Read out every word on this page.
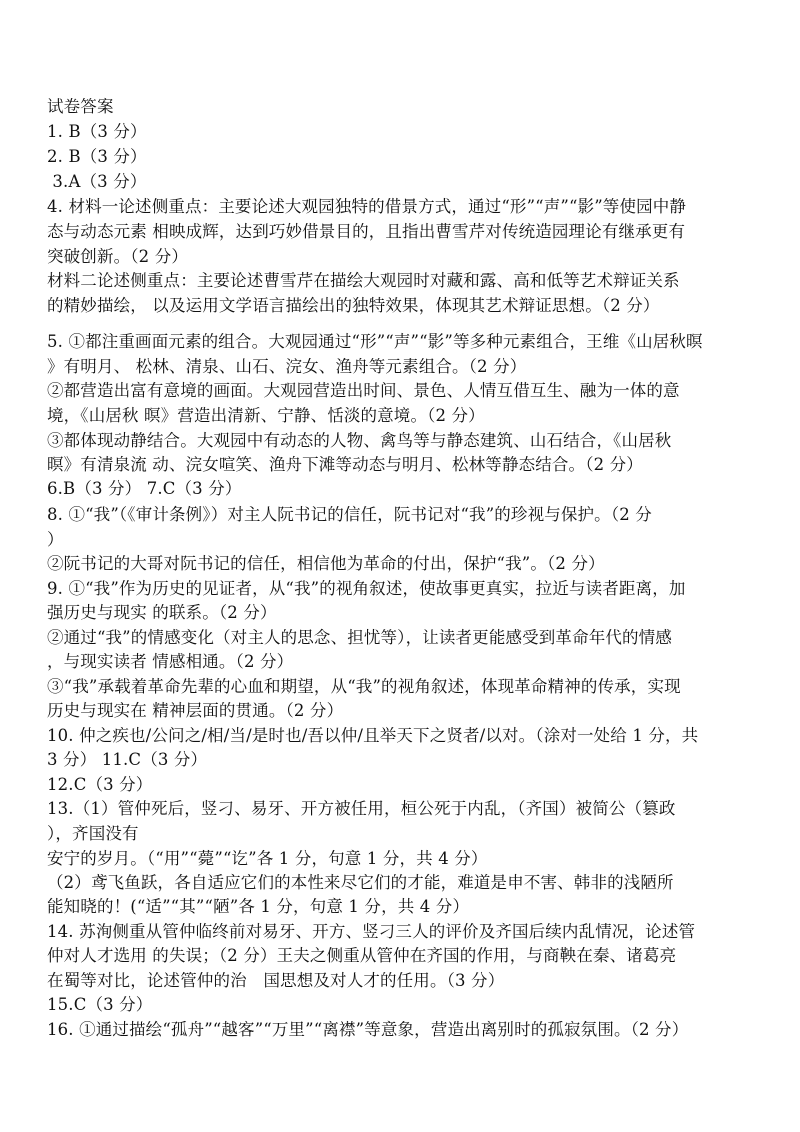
试卷答案

1. B（3 分）

2. B（3 分）

3.A（3 分）

4. 材料一论述侧重点：主要论述大观园独特的借景方式，通过“形”“声”“影”等使园中静

态与动态元素 相映成辉，达到巧妙借景目的，且指出曹雪芹对传统造园理论有继承更有

突破创新。（2 分）

材料二论述侧重点：主要论述曹雪芹在描绘大观园时对藏和露、高和低等艺术辩证关系

的精妙描绘， 以及运用文学语言描绘出的独特效果，体现其艺术辩证思想。（2 分）

5. ①都注重画面元素的组合。大观园通过“形”“声”“影”等多种元素组合，王维《山居秋暝

》有明月、 松林、清泉、山石、浣女、渔舟等元素组合。（2 分）

②都营造出富有意境的画面。大观园营造出时间、景色、人情互借互生、融为一体的意

境，《山居秋 暝》营造出清新、宁静、恬淡的意境。（2 分）

③都体现动静结合。大观园中有动态的人物、禽鸟等与静态建筑、山石结合，《山居秋

暝》有清泉流 动、浣女喧笑、渔舟下滩等动态与明月、松林等静态结合。（2 分）

6.B（3 分） 7.C（3 分）

8. ①“我”（《审计条例》）对主人阮书记的信任，阮书记对“我”的珍视与保护。（2 分

）

②阮书记的大哥对阮书记的信任，相信他为革命的付出，保护“我”。（2 分）

9. ①“我”作为历史的见证者，从“我”的视角叙述，使故事更真实，拉近与读者距离，加

强历史与现实 的联系。（2 分）

②通过“我”的情感变化（对主人的思念、担忧等），让读者更能感受到革命年代的情感

，与现实读者 情感相通。（2 分）

③“我”承载着革命先辈的心血和期望，从“我”的视角叙述，体现革命精神的传承，实现

历史与现实在 精神层面的贯通。（2 分）

10. 仲之疾也/公问之/相/当/是时也/吾以仲/且举天下之贤者/以对。（涂对一处给 1 分，共

3 分） 11.C（3 分）

12.C（3 分）

13.（1）管仲死后，竖刁、易牙、开方被任用，桓公死于内乱，（齐国）被简公（篡政

），齐国没有

安宁的岁月。（“用”“薨”“讫”各 1 分，句意 1 分，共 4 分）

（2）鸢飞鱼跃，各自适应它们的本性来尽它们的才能，难道是申不害、韩非的浅陋所

能知晓的！(“适”“其”“陋”各 1 分，句意 1 分，共 4 分）

14. 苏洵侧重从管仲临终前对易牙、开方、竖刁三人的评价及齐国后续内乱情况，论述管

仲对人才选用 的失误；（2 分）王夫之侧重从管仲在齐国的作用，与商鞅在秦、诸葛亮

在蜀等对比，论述管仲的治　国思想及对人才的任用。（3 分）

15.C（3 分）

16. ①通过描绘“孤舟”“越客”“万里”“离襟”等意象，营造出离别时的孤寂氛围。（2 分）
